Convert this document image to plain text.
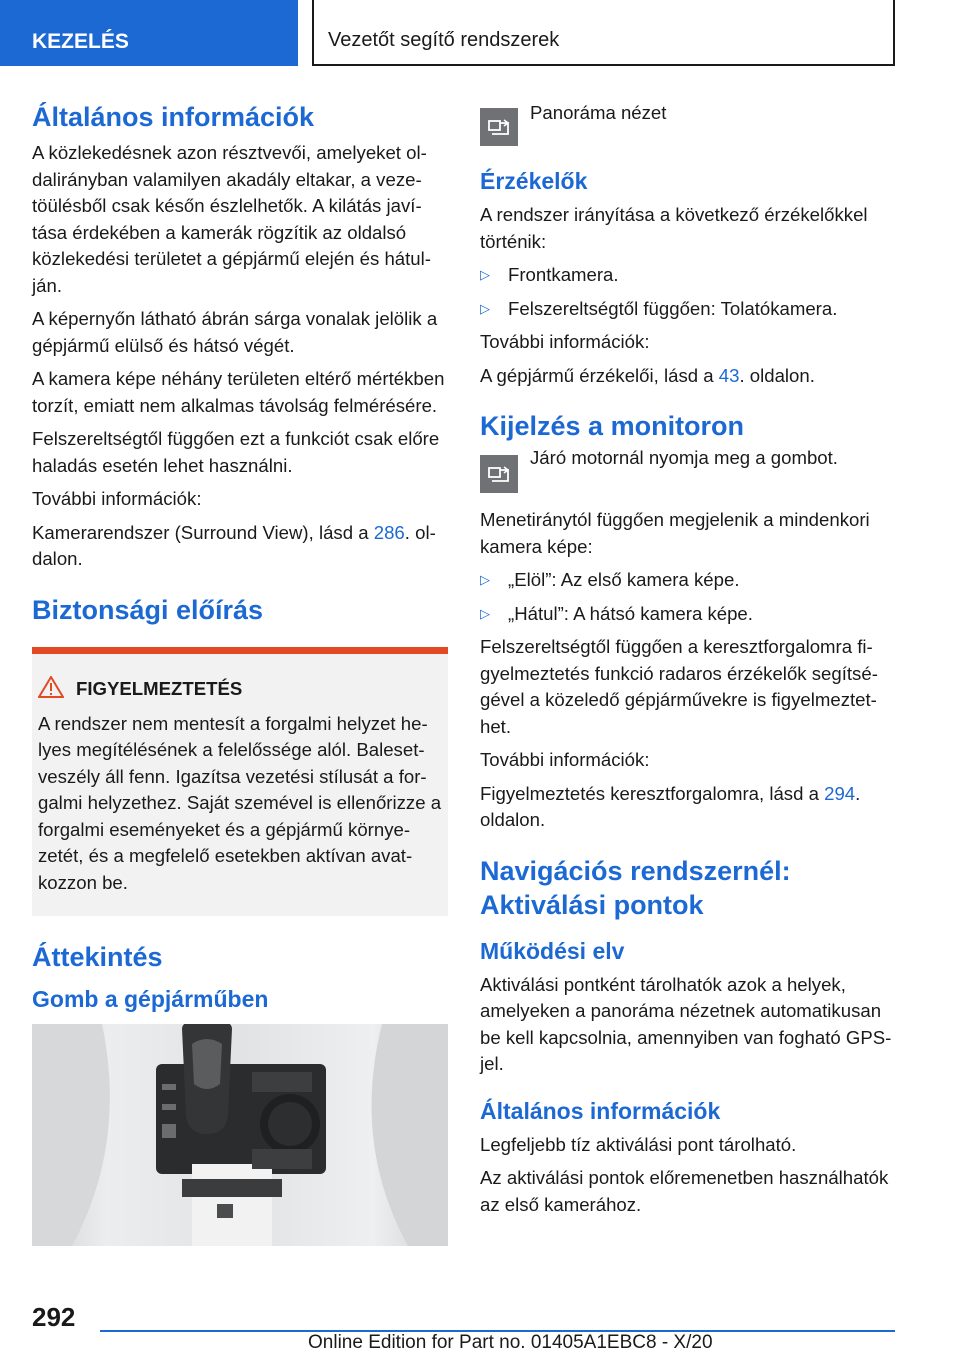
KEZELÉS	Vezetőt segítő rendszerek
Általános információk

A közlekedésnek azon résztvevői, amelyeket oldalirányban valamilyen akadály eltakar, a vezetöülésből csak későn észlelhetők. A kilátás javítása érdekében a kamerák rögzítik az oldalsó közlekedési területet a gépjármű elején és hátulján.

A képernyőn látható ábrán sárga vonalak jelölik a gépjármű elülső és hátsó végét.

A kamera képe néhány területen eltérő mértékben torzít, emiatt nem alkalmas távolság felmérésére.

Felszereltségtől függően ezt a funkciót csak előre haladás esetén lehet használni.

További információk:

Kamerarendszer (Surround View), lásd a 286. oldalon.

Biztonsági előírás
FIGYELMEZTETÉS

A rendszer nem mentesít a forgalmi helyzet helyes megítélésének a felelőssége alól. Balesetveszély áll fenn. Igazítsa vezetési stílusát a forgalmi helyzethez. Saját szemével is ellenőrizze a forgalmi eseményeket és a gépjármű környezetét, és a megfelelő esetekben aktívan avatkozzon be.

Áttekintés
Gomb a gépjárműben

Panoráma nézet

Érzékelők

A rendszer irányítása a következő érzékelőkkel történik:

▷ Frontkamera.
▷ Felszereltségtől függően: Tolatókamera.

További információk:

A gépjármű érzékelői, lásd a 43. oldalon.

Kijelzés a monitoron

Járó motornál nyomja meg a gombot.

Menetiránytól függően megjelenik a mindenkori kamera képe:

▷ „Elöl”: Az első kamera képe.
▷ „Hátul”: A hátsó kamera képe.

Felszereltségtől függően a keresztforgalomra figyelmeztetés funkció radaros érzékelők segítségével a közeledő gépjárművekre is figyelmeztethet.

További információk:

Figyelmeztetés keresztforgalomra, lásd a 294. oldalon.

Navigációs rendszernél: Aktiválási pontok
Működési elv

Aktiválási pontként tárolhatók azok a helyek, amelyeken a panoráma nézetnek automatikusan be kell kapcsolnia, amennyiben van fogható GPS-jel.

Általános információk

Legfeljebb tíz aktiválási pont tárolható.

Az aktiválási pontok előremenetben használhatók az első kamerához.

292
Online Edition for Part no. 01405A1EBC8 - X/20
